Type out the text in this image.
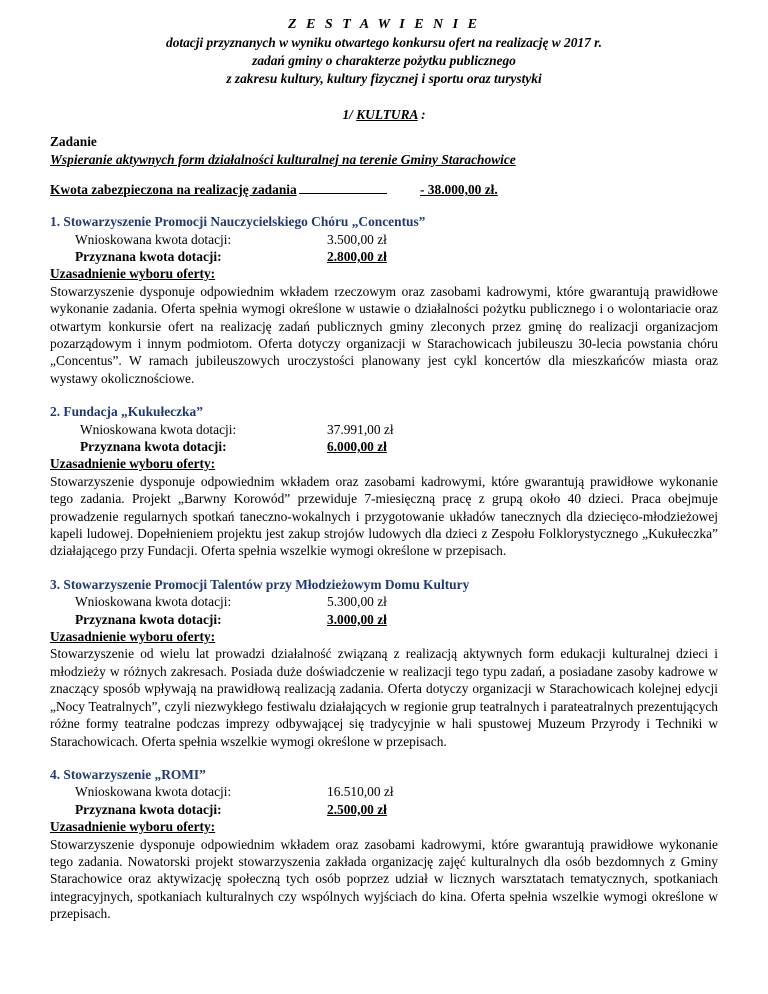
Z E S T A W I E N I E
dotacji przyznanych w wyniku otwartego konkursu ofert na realizację w 2017 r.
zadań gminy o charakterze pożytku publicznego
z zakresu kultury, kultury fizycznej i sportu oraz turystyki
1/ KULTURA :
Zadanie
Wspieranie aktywnych form działalności kulturalnej na terenie Gminy Starachowice
Kwota zabezpieczona na realizację zadania	- 38.000,00 zł.
1. Stowarzyszenie Promocji Nauczycielskiego Chóru „Concentus”
Wnioskowana kwota dotacji:	3.500,00 zł
Przyznana kwota dotacji:	2.800,00 zł
Uzasadnienie wyboru oferty:
Stowarzyszenie dysponuje odpowiednim wkładem rzeczowym oraz zasobami kadrowymi, które gwarantują prawidłowe wykonanie zadania. Oferta spełnia wymogi określone w ustawie o działalności pożytku publicznego i o wolontariacie oraz otwartym konkursie ofert na realizację zadań publicznych gminy zleconych przez gminę do realizacji organizacjom pozarządowym i innym podmiotom. Oferta dotyczy organizacji w Starachowicach jubileuszu 30-lecia powstania chóru „Concentus”. W ramach jubileuszowych uroczystości planowany jest cykl koncertów dla mieszkańców miasta oraz wystawy okolicznościowe.
2. Fundacja „Kukułeczka”
Wnioskowana kwota dotacji:	37.991,00 zł
Przyznana kwota dotacji:	6.000,00 zł
Uzasadnienie wyboru oferty:
Stowarzyszenie dysponuje odpowiednim wkładem oraz zasobami kadrowymi, które gwarantują prawidłowe wykonanie tego zadania. Projekt „Barwny Korowód” przewiduje 7-miesięczną pracę z grupą około 40 dzieci. Praca obejmuje prowadzenie regularnych spotkań taneczno-wokalnych i przygotowanie układów tanecznych dla dziecięco-młodzieżowej kapeli ludowej. Dopełnieniem projektu jest zakup strojów ludowych dla dzieci z Zespołu Folklorystycznego „Kukułeczka” działającego przy Fundacji. Oferta spełnia wszelkie wymogi określone w przepisach.
3. Stowarzyszenie Promocji Talentów przy Młodzieżowym Domu Kultury
Wnioskowana kwota dotacji:	5.300,00 zł
Przyznana kwota dotacji:	3.000,00 zł
Uzasadnienie wyboru oferty:
Stowarzyszenie od wielu lat prowadzi działalność związaną z realizacją aktywnych form edukacji kulturalnej dzieci i młodzieży w różnych zakresach. Posiada duże doświadczenie w realizacji tego typu zadań, a posiadane zasoby kadrowe w znaczący sposób wpływają na prawidłową realizacją zadania. Oferta dotyczy organizacji w Starachowicach kolejnej edycji „Nocy Teatralnych”, czyli niezwykłego festiwalu działających w regionie grup teatralnych i parateatralnych prezentujących różne formy teatralne podczas imprezy odbywającej się tradycyjnie w hali spustowej Muzeum Przyrody i Techniki w Starachowicach. Oferta spełnia wszelkie wymogi określone w przepisach.
4. Stowarzyszenie „ROMI”
Wnioskowana kwota dotacji:	16.510,00 zł
Przyznana kwota dotacji:	2.500,00 zł
Uzasadnienie wyboru oferty:
Stowarzyszenie dysponuje odpowiednim wkładem oraz zasobami kadrowymi, które gwarantują prawidłowe wykonanie tego zadania. Nowatorski projekt stowarzyszenia zakłada organizację zajęć kulturalnych dla osób bezdomnych z Gminy Starachowice oraz aktywizację społeczną tych osób poprzez udział w licznych warsztatach tematycznych, spotkaniach integracyjnych, spotkaniach kulturalnych czy wspólnych wyjściach do kina. Oferta spełnia wszelkie wymogi określone w przepisach.
